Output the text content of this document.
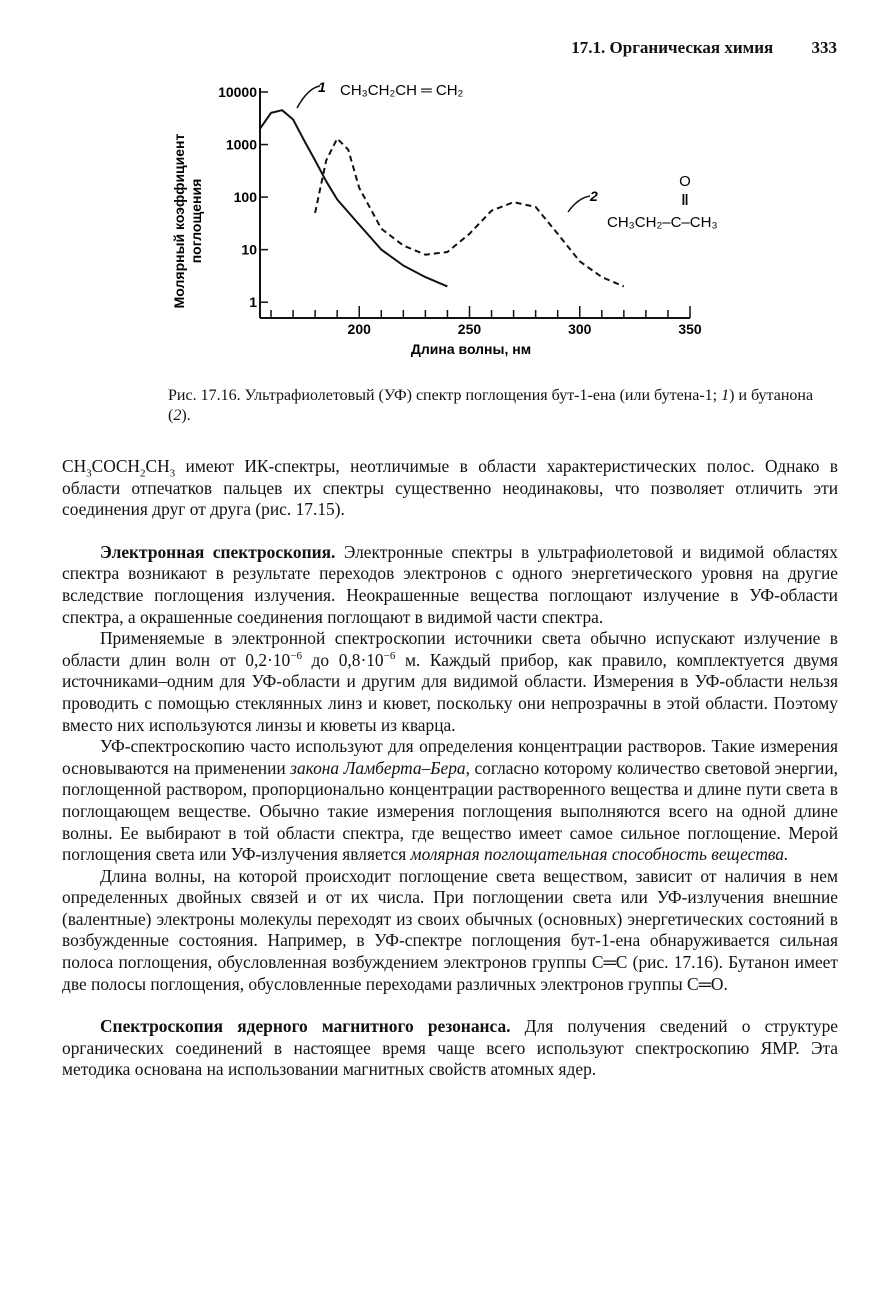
17.1. Органическая химия 333
10000
1000
100
10
1
200	250	300	350
Молярный коэффициентпоглощения
Длина волны, нм
1 CH₃CH₂CH ═ CH₂
2
O
‖
CH₃CH₂–C–CH₃
Рис. 17.16. Ультрафиолетовый (УФ) спектр поглощения бут-1-ена (или бутена-1; 1) и бутанона (2).

$CH_3COCH_2CH_3$ имеют ИК-спектры, неотличимые в области характеристических полос. Однако в области отпечатков пальцев их спектры существенно неодинаковы, что позволяет отличить эти соединения друг от друга (рис. 17.15).

Электронная спектроскопия. Электронные спектры в ультрафиолетовой и видимой областях спектра возникают в результате переходов электронов с одного энергетического уровня на другие вследствие поглощения излучения. Неокрашенные вещества поглощают излучение в УФ-области спектра, а окрашенные соединения поглощают в видимой части спектра.

Применяемые в электронной спектроскопии источники света обычно испускают излучение в области длин волн от $0,2\cdot 10^{-6}$ до $0,8\cdot 10^{-6}$ м. Каждый прибор, как правило, комплектуется двумя источниками–одним для УФ-области и другим для видимой области. Измерения в УФ-области нельзя проводить с помощью стеклянных линз и кювет, поскольку они непрозрачны в этой области. Поэтому вместо них используются линзы и кюветы из кварца.

УФ-спектроскопию часто используют для определения концентрации растворов. Такие измерения основываются на применении закона Ламберта–Бера, согласно которому количество световой энергии, поглощенной раствором, пропорционально концентрации растворенного вещества и длине пути света в поглощающем веществе. Обычно такие измерения поглощения выполняются всего на одной длине волны. Ее выбирают в той области спектра, где вещество имеет самое сильное поглощение. Мерой поглощения света или УФ-излучения является молярная поглощательная способность вещества.

Длина волны, на которой происходит поглощение света веществом, зависит от наличия в нем определенных двойных связей и от их числа. При поглощении света или УФ-излучения внешние (валентные) электроны молекулы переходят из своих обычных (основных) энергетических состояний в возбужденные состояния. Например, в УФ-спектре поглощения бут-1-ена обнаруживается сильная полоса поглощения, обусловленная возбуждением электронов группы C═C (рис. 17.16). Бутанон имеет две полосы поглощения, обусловленные переходами различных электронов группы C═O.

Спектроскопия ядерного магнитного резонанса. Для получения сведений о структуре органических соединений в настоящее время чаще всего используют спектроскопию ЯМР. Эта методика основана на использовании магнитных свойств атомных ядер.
